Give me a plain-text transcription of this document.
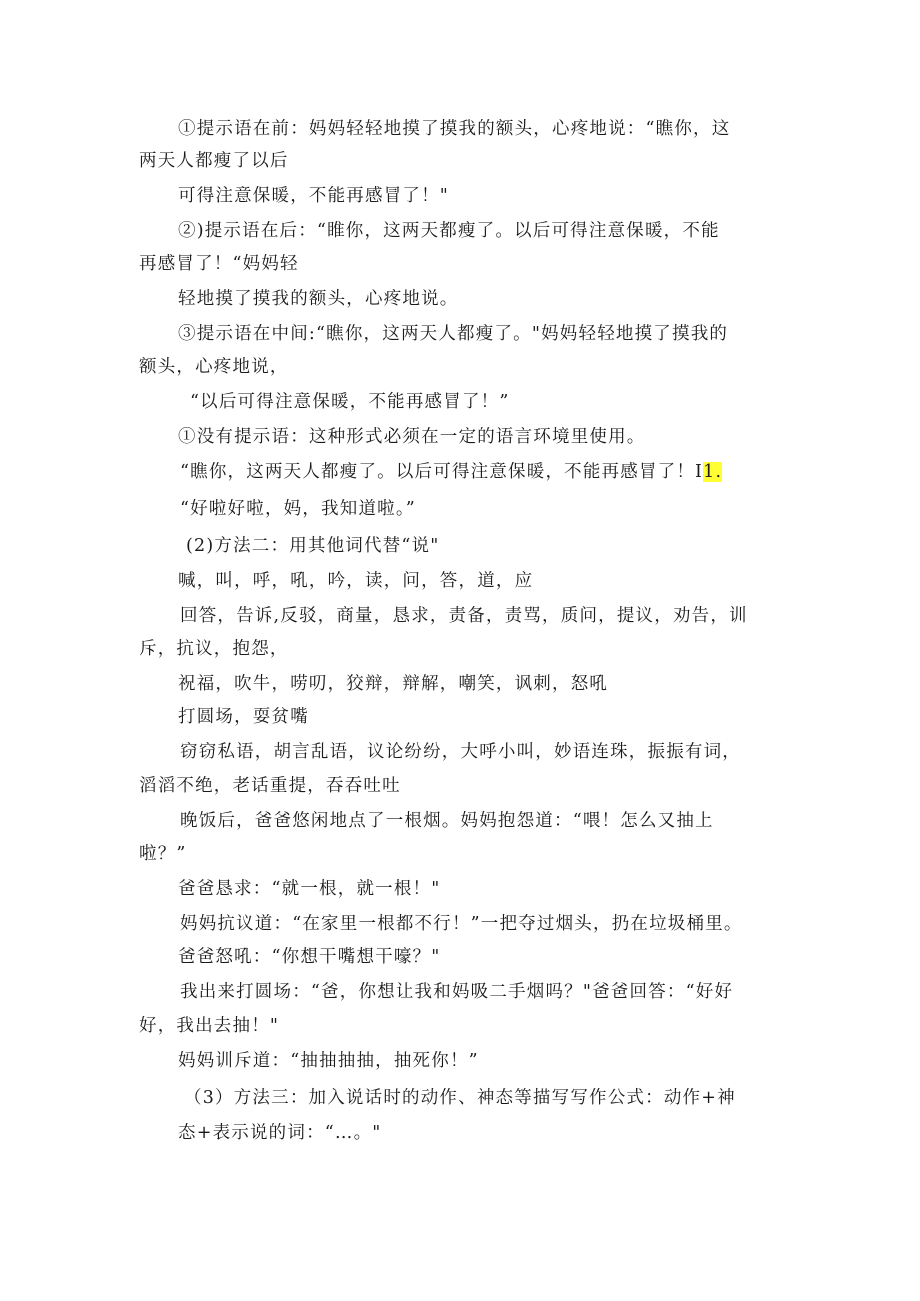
①提示语在前：妈妈轻轻地摸了摸我的额头，心疼地说：“瞧你，这

两天人都瘦了以后

可得注意保暖，不能再感冒了！"

②)提示语在后：“睢你，这两天都瘦了。以后可得注意保暖，不能

再感冒了！“妈妈轻

轻地摸了摸我的额头，心疼地说。

③提示语在中间:“瞧你，这两天人都瘦了。"妈妈轻轻地摸了摸我的

额头，心疼地说，

“以后可得注意保暖，不能再感冒了！”

①没有提示语：这种形式必须在一定的语言环境里使用。

“瞧你，这两天人都瘦了。以后可得注意保暖，不能再感冒了！I1.

“好啦好啦，妈，我知道啦。”

(2)方法二：用其他词代替“说"

喊，叫，呼，吼，吟，读，问，答，道，应

回答，告诉,反驳，商量，恳求，责备，责骂，质问，提议，劝告，训

斥，抗议，抱怨，

祝福，吹牛，唠叨，狡辩，辩解，嘲笑，讽刺，怒吼

打圆场，耍贫嘴

窃窃私语，胡言乱语，议论纷纷，大呼小叫，妙语连珠，振振有词，

滔滔不绝，老话重提，吞吞吐吐

晚饭后，爸爸悠闲地点了一根烟。妈妈抱怨道：“喂！怎么又抽上

啦？”

爸爸恳求：“就一根，就一根！"

妈妈抗议道：“在家里一根都不行！”一把夺过烟头，扔在垃圾桶里。

爸爸怒吼：“你想干嘴想干嚎？"

我出来打圆场：“爸，你想让我和妈吸二手烟吗？"爸爸回答：“好好

好，我出去抽！"

妈妈训斥道：“抽抽抽抽，抽死你！”

（3）方法三：加入说话时的动作、神态等描写写作公式：动作+神

态+表示说的词：“…。"
